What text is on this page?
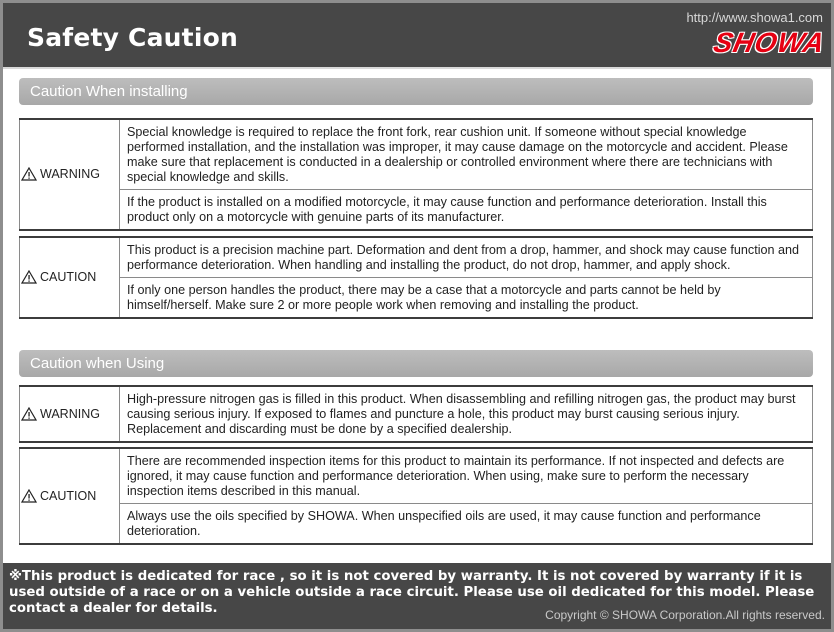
Safety Caution
http://www.showa1.com
SHOWA
Caution When installing
WARNING	Special knowledge is required to replace the front fork, rear cushion unit. If someone without special knowledge performed installation, and the installation was improper, it may cause damage on the motorcycle and accident. Please make sure that replacement is conducted in a dealership or controlled environment where there are technicians with special knowledge and skills.
If the product is installed on a modified motorcycle, it may cause function and performance deterioration. Install this product only on a motorcycle with genuine parts of its manufacturer.
CAUTION	This product is a precision machine part. Deformation and dent from a drop, hammer, and shock may cause function and performance deterioration. When handling and installing the product, do not drop, hammer, and apply shock.
If only one person handles the product, there may be a case that a motorcycle and parts cannot be held by himself/herself. Make sure 2 or more people work when removing and installing the product.
Caution when Using
WARNING	High-pressure nitrogen gas is filled in this product. When disassembling and refilling nitrogen gas, the product may burst causing serious injury. If exposed to flames and puncture a hole, this product may burst causing serious injury. Replacement and discarding must be done by a specified dealership.
CAUTION	There are recommended inspection items for this product to maintain its performance. If not inspected and defects are ignored, it may cause function and performance deterioration. When using, make sure to perform the necessary inspection items described in this manual.
Always use the oils specified by SHOWA. When unspecified oils are used, it may cause function and performance deterioration.
※This product is dedicated for race , so it is not covered by warranty. It is not covered by warranty if it is used outside of a race or on a vehicle outside a race circuit. Please use oil dedicated for this model. Please contact a dealer for details.	Copyright © SHOWA Corporation.All rights reserved.
